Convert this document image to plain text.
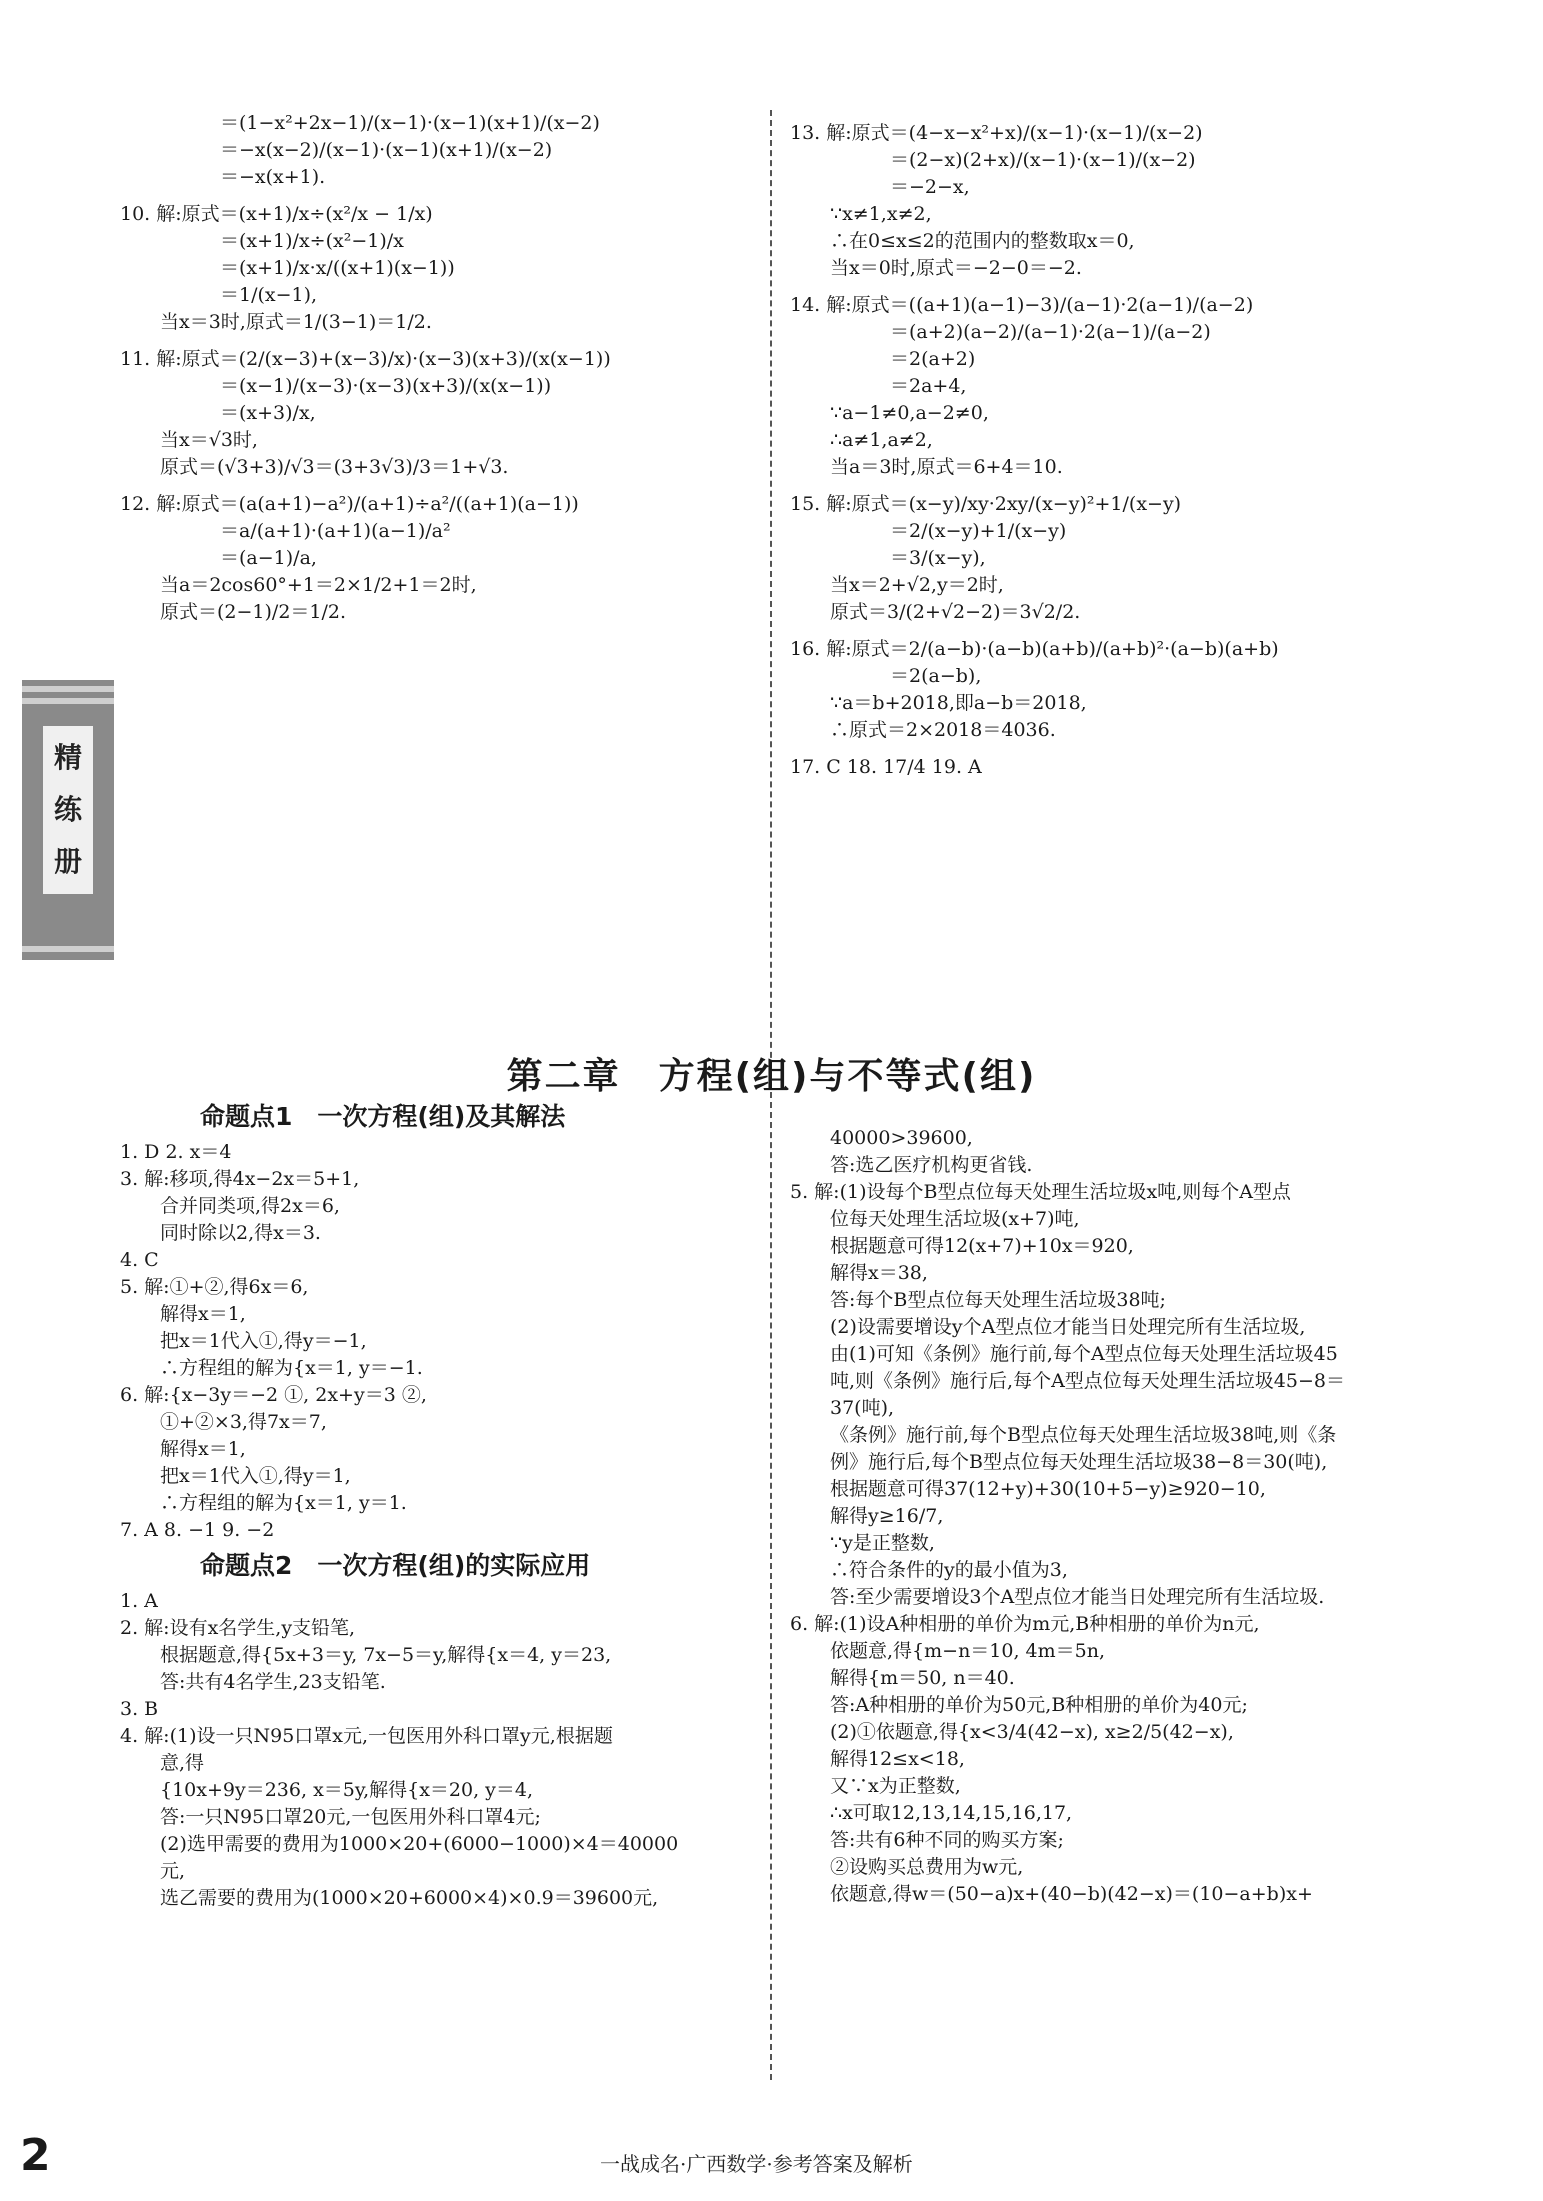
精
练
册
＝(1−x²+2x−1)/(x−1)·(x−1)(x+1)/(x−2)
＝−x(x−2)/(x−1)·(x−1)(x+1)/(x−2)
＝−x(x+1).
10. 解:原式＝(x+1)/x÷(x²/x − 1/x)
＝(x+1)/x÷(x²−1)/x
＝(x+1)/x·x/((x+1)(x−1))
＝1/(x−1),
当x＝3时,原式＝1/(3−1)＝1/2.
11. 解:原式＝(2/(x−3)+(x−3)/x)·(x−3)(x+3)/(x(x−1))
＝(x−1)/(x−3)·(x−3)(x+3)/(x(x−1))
＝(x+3)/x,
当x＝√3时,
原式＝(√3+3)/√3＝(3+3√3)/3＝1+√3.
12. 解:原式＝(a(a+1)−a²)/(a+1)÷a²/((a+1)(a−1))
＝a/(a+1)·(a+1)(a−1)/a²
＝(a−1)/a,
当a＝2cos60°+1＝2×1/2+1＝2时,
原式＝(2−1)/2＝1/2.
13. 解:原式＝(4−x−x²+x)/(x−1)·(x−1)/(x−2)
＝(2−x)(2+x)/(x−1)·(x−1)/(x−2)
＝−2−x,
∵x≠1,x≠2,
∴在0≤x≤2的范围内的整数取x＝0,
当x＝0时,原式＝−2−0＝−2.
14. 解:原式＝((a+1)(a−1)−3)/(a−1)·2(a−1)/(a−2)
＝(a+2)(a−2)/(a−1)·2(a−1)/(a−2)
＝2(a+2)
＝2a+4,
∵a−1≠0,a−2≠0,
∴a≠1,a≠2,
当a＝3时,原式＝6+4＝10.
15. 解:原式＝(x−y)/xy·2xy/(x−y)²+1/(x−y)
＝2/(x−y)+1/(x−y)
＝3/(x−y),
当x＝2+√2,y＝2时,
原式＝3/(2+√2−2)＝3√2/2.
16. 解:原式＝2/(a−b)·(a−b)(a+b)/(a+b)²·(a−b)(a+b)
＝2(a−b),
∵a＝b+2018,即a−b＝2018,
∴原式＝2×2018＝4036.
17. C 18. 17/4 19. A
第二章　方程(组)与不等式(组)
命题点1　一次方程(组)及其解法
1. D 2. x＝4
3. 解:移项,得4x−2x＝5+1,
合并同类项,得2x＝6,
同时除以2,得x＝3.
4. C
5. 解:①+②,得6x＝6,
解得x＝1,
把x＝1代入①,得y＝−1,
∴方程组的解为{x＝1, y＝−1.
6. 解:{x−3y＝−2 ①, 2x+y＝3 ②,
①+②×3,得7x＝7,
解得x＝1,
把x＝1代入①,得y＝1,
∴方程组的解为{x＝1, y＝1.
7. A 8. −1 9. −2
命题点2　一次方程(组)的实际应用
1. A
2. 解:设有x名学生,y支铅笔,
根据题意,得{5x+3＝y, 7x−5＝y,解得{x＝4, y＝23,
答:共有4名学生,23支铅笔.
3. B
4. 解:(1)设一只N95口罩x元,一包医用外科口罩y元,根据题
意,得
{10x+9y＝236, x＝5y,解得{x＝20, y＝4,
答:一只N95口罩20元,一包医用外科口罩4元;
(2)选甲需要的费用为1000×20+(6000−1000)×4＝40000
元,
选乙需要的费用为(1000×20+6000×4)×0.9＝39600元,
40000>39600,
答:选乙医疗机构更省钱.
5. 解:(1)设每个B型点位每天处理生活垃圾x吨,则每个A型点
位每天处理生活垃圾(x+7)吨,
根据题意可得12(x+7)+10x＝920,
解得x＝38,
答:每个B型点位每天处理生活垃圾38吨;
(2)设需要增设y个A型点位才能当日处理完所有生活垃圾,
由(1)可知《条例》施行前,每个A型点位每天处理生活垃圾45
吨,则《条例》施行后,每个A型点位每天处理生活垃圾45−8＝
37(吨),
《条例》施行前,每个B型点位每天处理生活垃圾38吨,则《条
例》施行后,每个B型点位每天处理生活垃圾38−8＝30(吨),
根据题意可得37(12+y)+30(10+5−y)≥920−10,
解得y≥16/7,
∵y是正整数,
∴符合条件的y的最小值为3,
答:至少需要增设3个A型点位才能当日处理完所有生活垃圾.
6. 解:(1)设A种相册的单价为m元,B种相册的单价为n元,
依题意,得{m−n＝10, 4m＝5n,
解得{m＝50, n＝40.
答:A种相册的单价为50元,B种相册的单价为40元;
(2)①依题意,得{x<3/4(42−x), x≥2/5(42−x),
解得12≤x<18,
又∵x为正整数,
∴x可取12,13,14,15,16,17,
答:共有6种不同的购买方案;
②设购买总费用为w元,
依题意,得w＝(50−a)x+(40−b)(42−x)＝(10−a+b)x+
2	一战成名·广西数学·参考答案及解析
